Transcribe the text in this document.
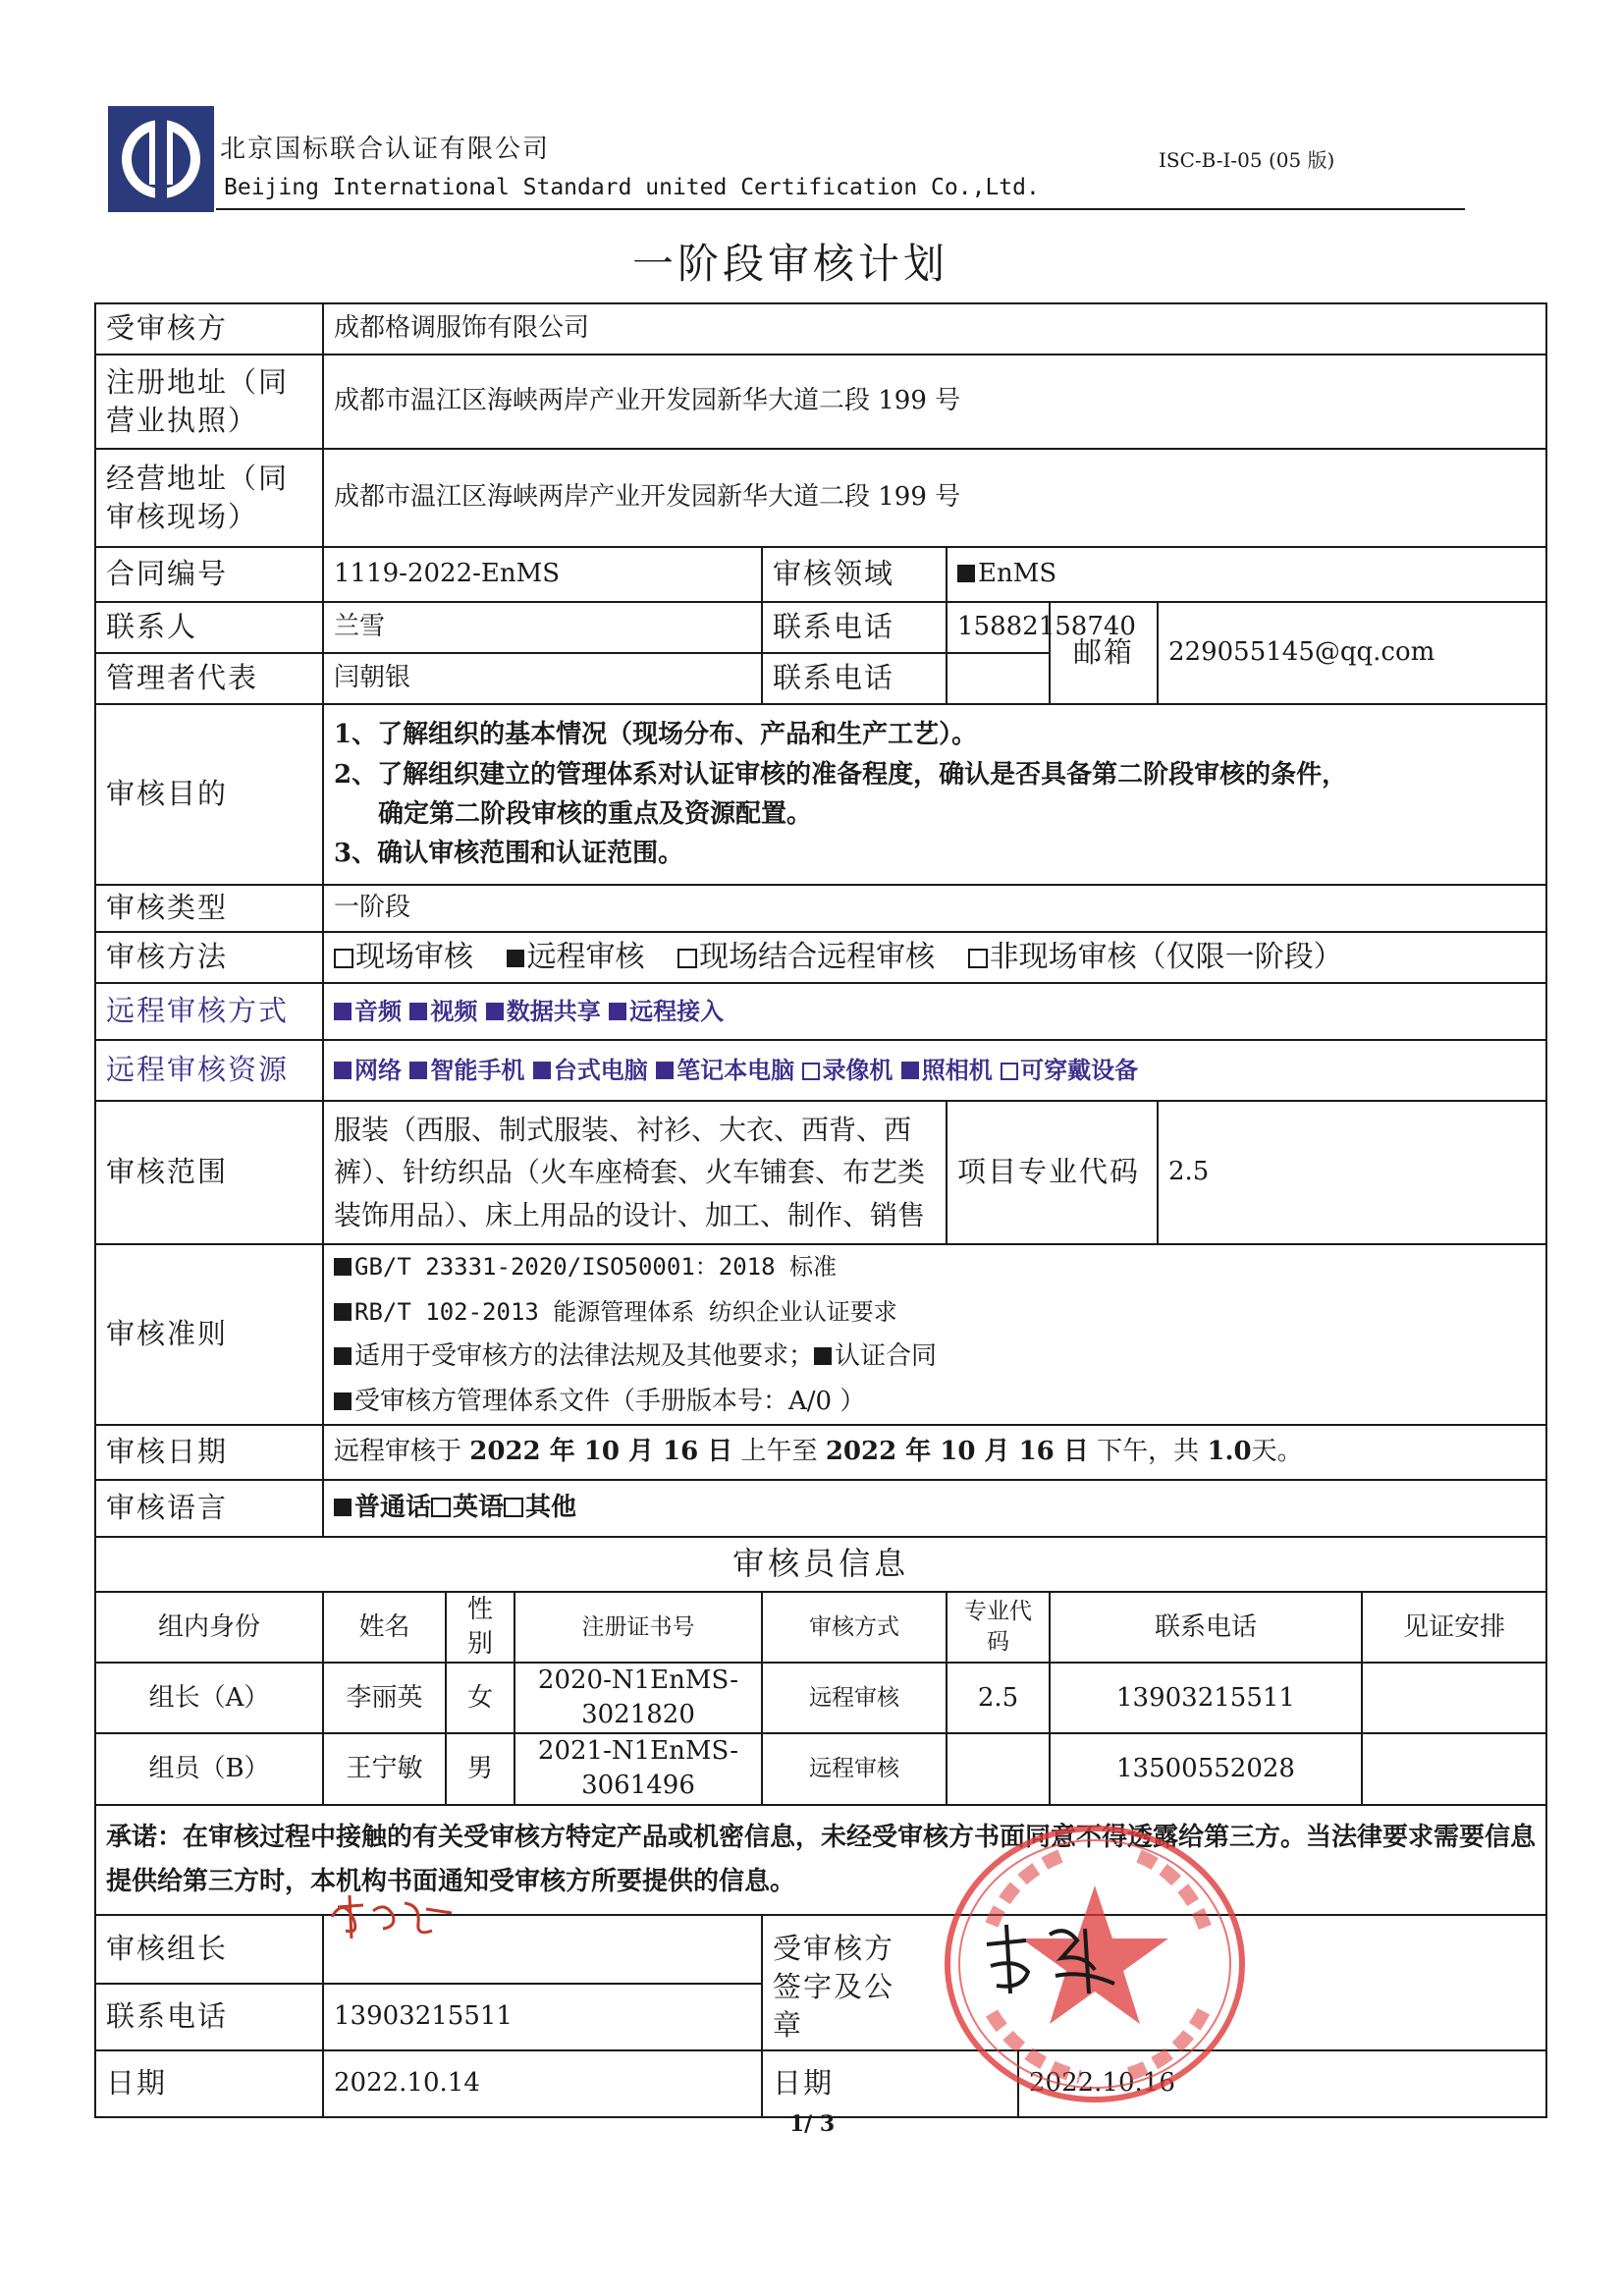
北京国标联合认证有限公司
Beijing International Standard united Certification Co.,Ltd.
ISC-B-I-05 (05 版)
一阶段审核计划
受审核方	成都格调服饰有限公司								
注册地址（同营业执照）	成都市温江区海峡两岸产业开发园新华大道二段 199 号								
经营地址（同审核现场）	成都市温江区海峡两岸产业开发园新华大道二段 199 号								
合同编号	1119-2022-EnMS			审核领域	EnMS				
联系人	兰雪			联系电话	15882158740		邮箱	229055145@qq.com	
管理者代表	闫朝银			联系电话					
审核目的	1、了解组织的基本情况（现场分布、产品和生产工艺）。
2、了解组织建立的管理体系对认证审核的准备程度，确认是否具备第二阶段审核的条件，
确定第二阶段审核的重点及资源配置。
3、确认审核范围和认证范围。								

审核类型	一阶段								
审核方法	现场审核 远程审核 现场结合远程审核 非现场审核（仅限一阶段）								
远程审核方式	音频 视频 数据共享 远程接入								
远程审核资源	网络 智能手机 台式电脑 笔记本电脑 录像机 照相机 可穿戴设备								
审核范围	服装（西服、制式服装、衬衫、大衣、西背、西裤）、针纺织品（火车座椅套、火车铺套、布艺类装饰用品）、床上用品的设计、加工、制作、销售				项目专业代码			2.5	
审核准则	GB/T 23331-2020/ISO50001：2018 标准
RB/T 102-2013 能源管理体系 纺织企业认证要求
适用于受审核方的法律法规及其他要求； 认证合同
受审核方管理体系文件（手册版本号：A/0 ）								

审核日期	远程审核于 2022 年 10 月 16 日 上午至 2022 年 10 月 16 日 下午，共 1.0天。								
审核语言	普通话 英语 其他								
审核员信息									
组内身份	姓名	性别	注册证书号	审核方式	专业代码		联系电话		见证安排
组长（A）	李丽英	女	2020-N1EnMS-3021820	远程审核	2.5		13903215511		
组员（B）	王宁敏	男	2021-N1EnMS-3061496	远程审核			13500552028		
承诺：在审核过程中接触的有关受审核方特定产品或机密信息，未经受审核方书面同意不得透露给第三方。当法律要求需要信息提供给第三方时，本机构书面通知受审核方所要提供的信息。									
审核组长				受审核方签字及公章					

联系电话	13903215511								
日期	2022.10.14			日期		2022.10.16			
1/ 3
